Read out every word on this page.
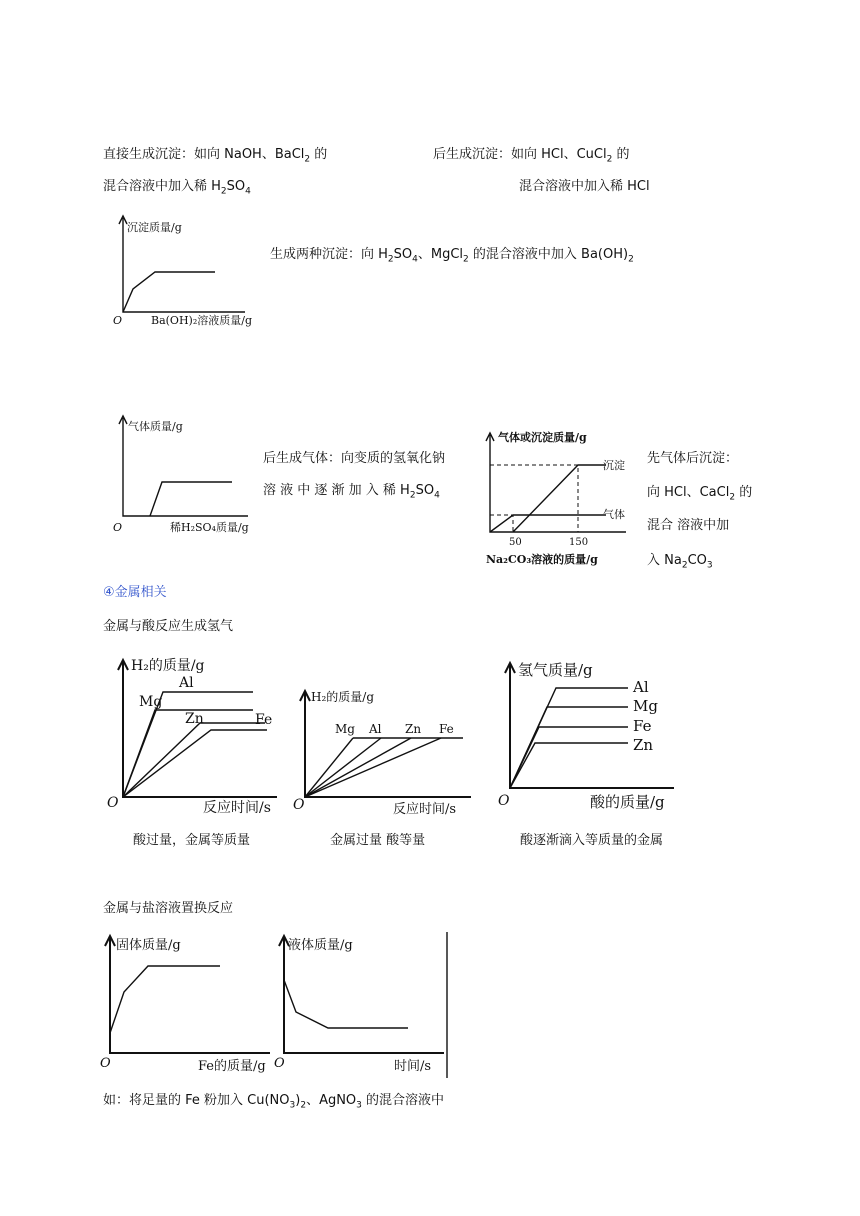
直接生成沉淀：如向 NaOH、BaCl$_2$ 的
混合溶液中加入稀 $H_2SO_4$
后生成沉淀：如向 HCl、CuCl$_2$ 的
混合溶液中加入稀 HCl
生成两种沉淀：向 $H_2SO_4$、MgCl$_2$ 的混合溶液中加入 $Ba(OH)_2$
沉淀质量/g
O	Ba(OH)₂溶液质量/g
气体质量/g
O	稀H₂SO₄质量/g
后生成气体：向变质的氢氧化钠
溶 液 中 逐 渐 加 入 稀 $H_2SO_4$
气体或沉淀质量/g
沉淀
气体
50	150
Na₂CO₃溶液的质量/g
先气体后沉淀：
向 HCl、CaCl$_2$ 的
混合 溶液中加
入 $Na_2CO_3$
④金属相关
金属与酸反应生成氢气
H₂的质量/g
O	反应时间/s
Al
Mg
Zn	Fe
H₂的质量/g
O	反应时间/s
Mg Al Zn Fe
氢气质量/g
O	酸的质量/g
Al
Mg
Fe
Zn
酸过量，金属等质量	金属过量 酸等量	酸逐渐滴入等质量的金属
金属与盐溶液置换反应
固体质量/g
O	Fe的质量/g
液体质量/g
O	时间/s
如：将足量的 Fe 粉加入 $Cu(NO_3)_2$、AgNO$_3$ 的混合溶液中
